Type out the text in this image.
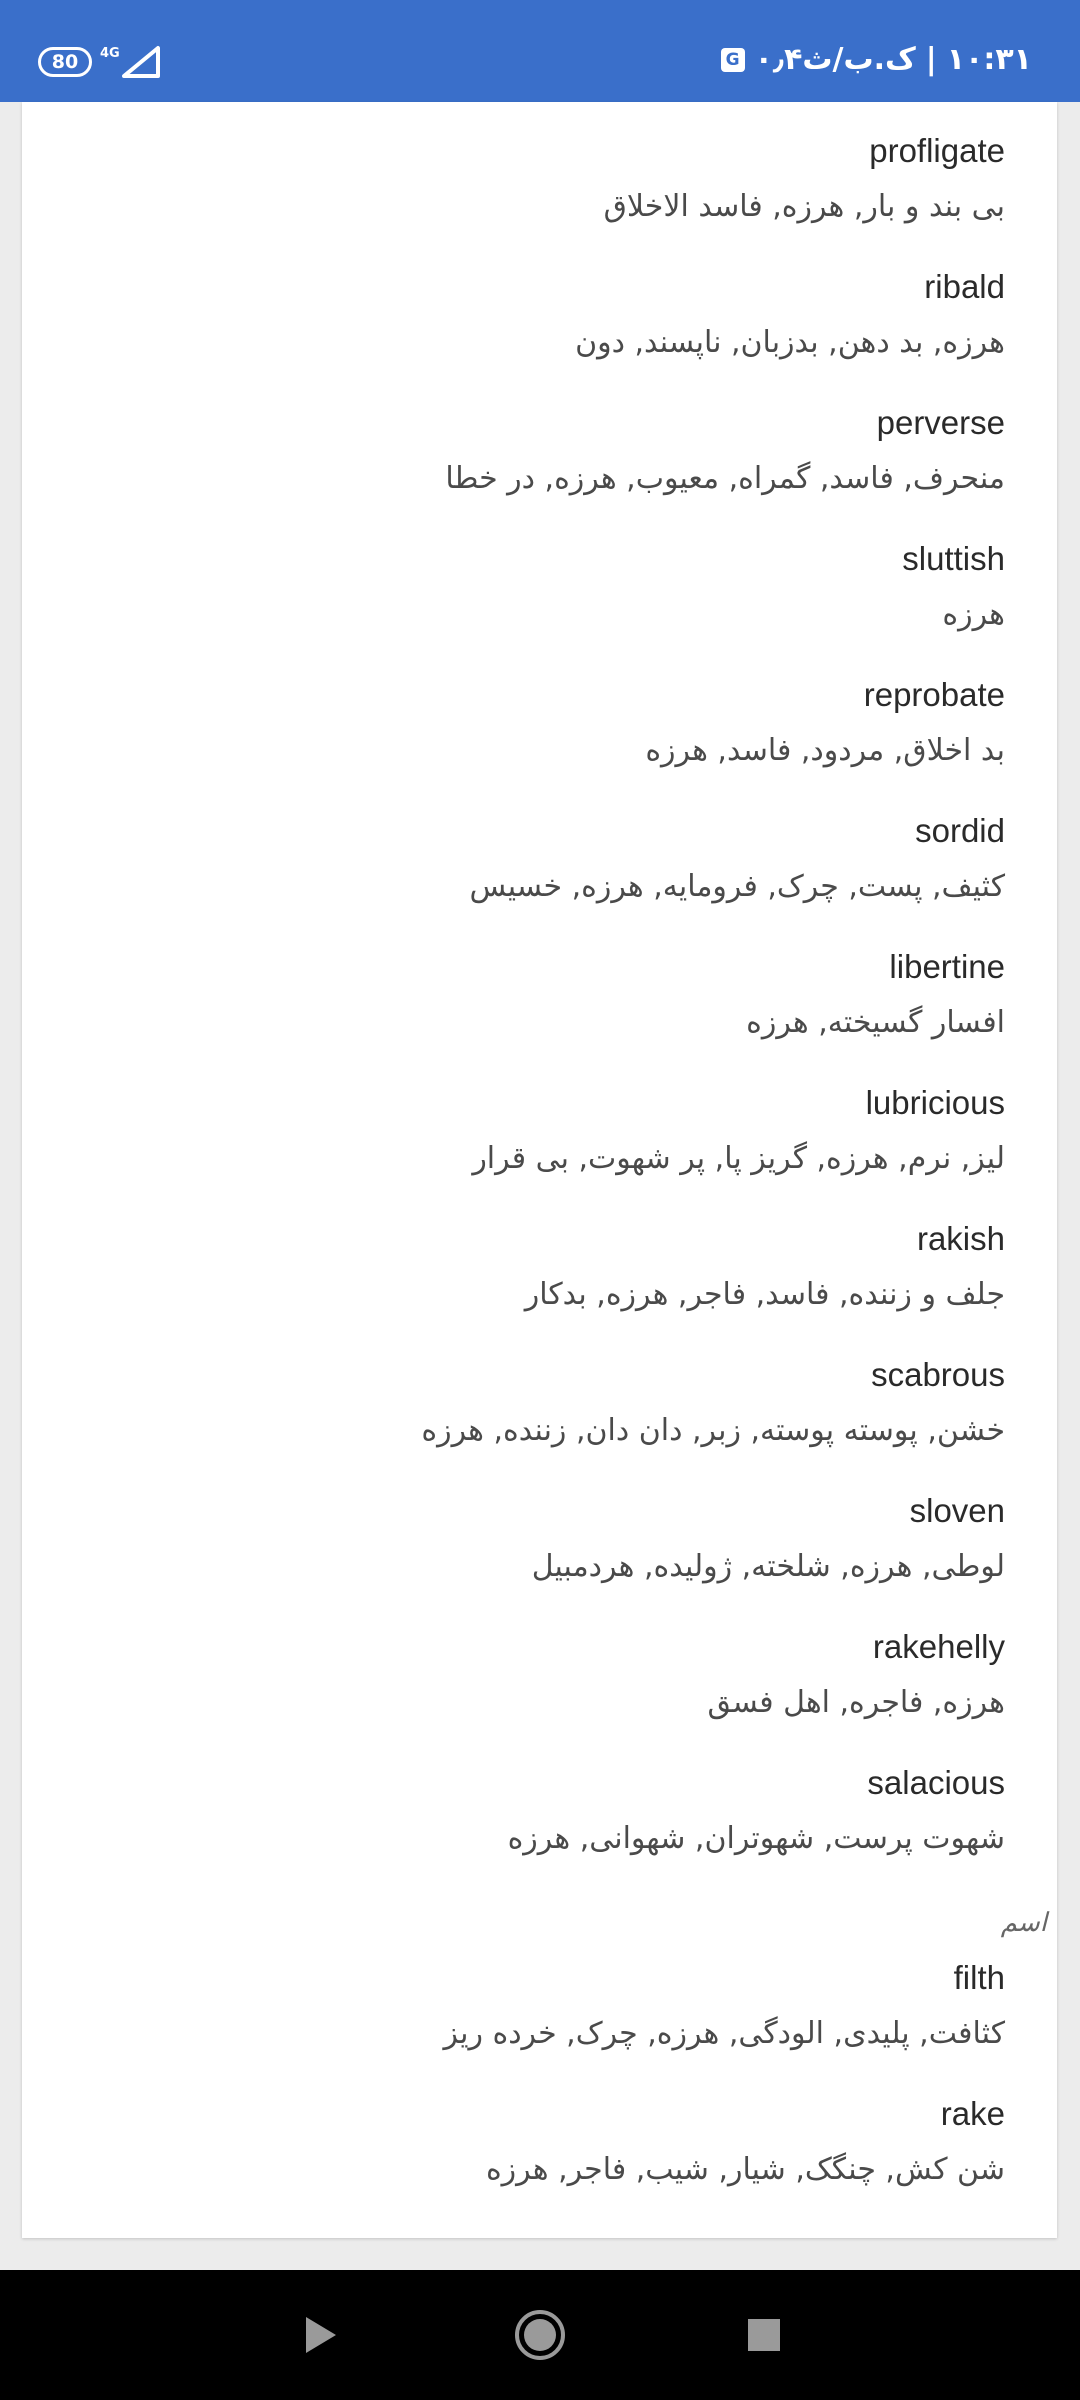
80 4G	G ۰٫۴ک.ب/ث | ۱۰:۳۱
profligate
بی بند و بار, هرزه, فاسد الاخلاق
ribald
هرزه, بد دهن, بدزبان, ناپسند, دون
perverse
منحرف, فاسد, گمراه, معیوب, هرزه, در خطا
sluttish
هرزه
reprobate
بد اخلاق, مردود, فاسد, هرزه
sordid
کثیف, پست, چرک, فرومایه, هرزه, خسیس
libertine
افسار گسیخته, هرزه
lubricious
لیز, نرم, هرزه, گریز پا, پر شهوت, بی قرار
rakish
جلف و زننده, فاسد, فاجر, هرزه, بدکار
scabrous
خشن, پوسته پوسته, زبر, دان دان, زننده, هرزه
sloven
لوطی, هرزه, شلخته, ژولیده, هردمبیل
rakehelly
هرزه, فاجره, اهل فسق
salacious
شهوت پرست, شهوتران, شهوانی, هرزه
اسم
filth
کثافت, پلیدی, الودگی, هرزه, چرک, خرده ریز
rake
شن کش, چنگک, شیار, شیب, فاجر, هرزه
